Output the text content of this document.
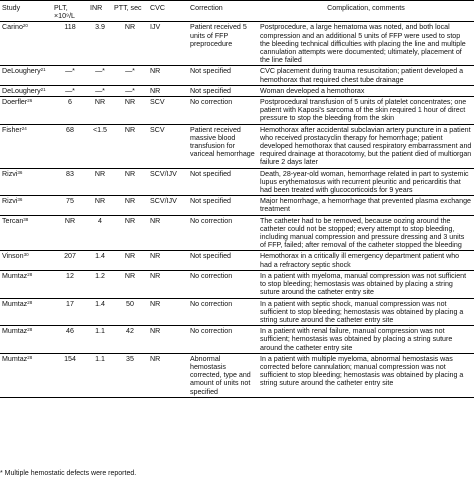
Study	PLT, ×10⁹/L	INR	PTT, sec	CVC	Correction	Complication, comments
Carino$^{20}$	118	3.9	NR	IJV	Patient received 5 units of FFP preprocedure	Postprocedure, a large hematoma was noted, and both local compression and an additional 5 units of FFP were used to stop the bleeding technical difficulties with placing the line and multiple cannulation attempts were documented; ultimately, placement of the line failed
DeLoughery$^{21}$	—*	—*	—*	NR	Not specified	CVC placement during trauma resuscitation; patient developed a hemothorax that required chest tube drainage
DeLoughery$^{21}$	—*	—*	—*	NR	Not specified	Woman developed a hemothorax
Doerfler$^{26}$	6	NR	NR	SCV	No correction	Postprocedural transfusion of 5 units of platelet concentrates; one patient with Kaposi's sarcoma of the skin required 1 hour of direct pressure to stop the bleeding from the skin
Fisher$^{24}$	68	<1.5	NR	SCV	Patient received massive blood transfusion for variceal hemorrhage	Hemothorax after accidental subclavian artery puncture in a patient who received prostacyclin therapy for hemorrhage; patient developed hemothorax that caused respiratory embarrassment and required drainage at thoracotomy, but the patient died of multiorgan failure 2 days later
Rizvi$^{36}$	83	NR	NR	SCV/IJV	Not specified	Death, 28-year-old woman, hemorrhage related in part to systemic lupus erythematosus with recurrent pleuritic and pericarditis that had been treated with glucocorticoids for 9 years
Rizvi$^{36}$	75	NR	NR	SCV/IJV	Not specified	Major hemorrhage, a hemorrhage that prevented plasma exchange treatment
Tercan$^{38}$	NR	4	NR	NR	No correction	The catheter had to be removed, because oozing around the catheter could not be stopped; every attempt to stop bleeding, including manual compression and pressure dressing and 3 units of FFP, failed; after removal of the catheter stopped the bleeding
Vinson$^{30}$	207	1.4	NR	NR	Not specified	Hemothorax in a critically ill emergency department patient who had a refractory septic shock
Mumtaz$^{28}$	12	1.2	NR	NR	No correction	In a patient with myeloma, manual compression was not sufficient to stop bleeding; hemostasis was obtained by placing a string suture around the catheter entry site
Mumtaz$^{28}$	17	1.4	50	NR	No correction	In a patient with septic shock, manual compression was not sufficient to stop bleeding; hemostasis was obtained by placing a string suture around the catheter entry site
Mumtaz$^{28}$	46	1.1	42	NR	No correction	In a patient with renal failure, manual compression was not sufficient; hemostasis was obtained by placing a string suture around the catheter entry site
Mumtaz$^{28}$	154	1.1	35	NR	Abnormal hemostasis corrected, type and amount of units not specified	In a patient with multiple myeloma, abnormal hemostasis was corrected before cannulation; manual compression was not sufficient to stop bleeding; hemostasis was obtained by placing a string suture around the catheter entry site
* Multiple hemostatic defects were reported.
